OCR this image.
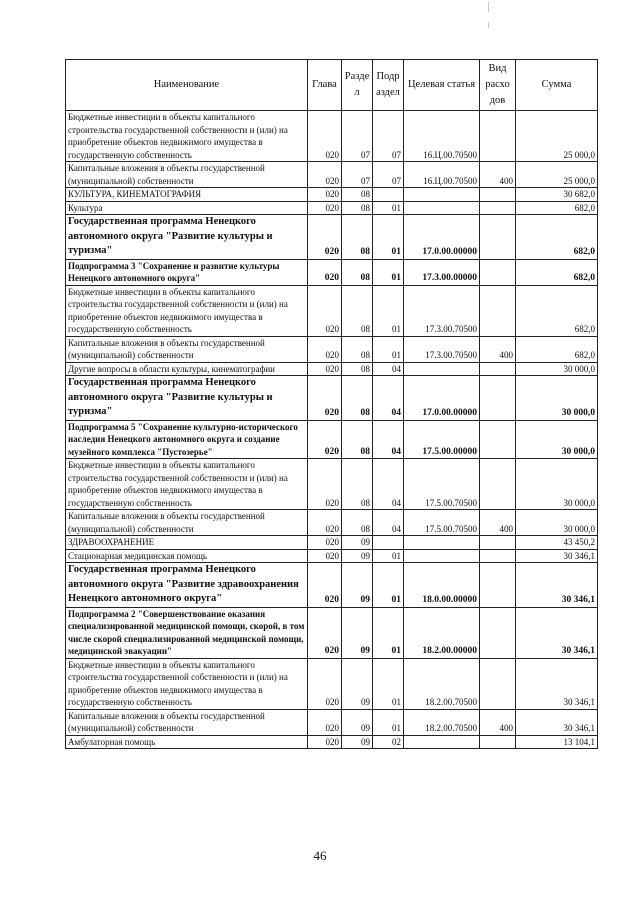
Наименование	Глава	Разде л	Подр аздел	Целевая статья	Вид расхо дов	Сумма
Бюджетные инвестиции в объекты капитального строительства государственной собственности и (или) на приобретение объектов недвижимого имущества в государственную собственность	020	07	07	16.Ц.00.70500		25 000,0
Капитальные вложения в объекты государственной (муниципальной) собственности	020	07	07	16.Ц.00.70500	400	25 000,0
КУЛЬТУРА, КИНЕМАТОГРАФИЯ	020	08				30 682,0
Культура	020	08	01			682,0
Государственная программа Ненецкого автономного округа "Развитие культуры и туризма"	020	08	01	17.0.00.00000		682,0
Подпрограмма 3 "Сохранение и развитие культуры Ненецкого автономного округа"	020	08	01	17.3.00.00000		682,0
Бюджетные инвестиции в объекты капитального строительства государственной собственности и (или) на приобретение объектов недвижимого имущества в государственную собственность	020	08	01	17.3.00.70500		682,0
Капитальные вложения в объекты государственной (муниципальной) собственности	020	08	01	17.3.00.70500	400	682,0
Другие вопросы в области культуры, кинематографии	020	08	04			30 000,0
Государственная программа Ненецкого автономного округа "Развитие культуры и туризма"	020	08	04	17.0.00.00000		30 000,0
Подпрограмма 5 "Сохранение культурно-исторического наследия Ненецкого автономного округа и создание музейного комплекса "Пустозерье"	020	08	04	17.5.00.00000		30 000,0
Бюджетные инвестиции в объекты капитального строительства государственной собственности и (или) на приобретение объектов недвижимого имущества в государственную собственность	020	08	04	17.5.00.70500		30 000,0
Капитальные вложения в объекты государственной (муниципальной) собственности	020	08	04	17.5.00.70500	400	30 000,0
ЗДРАВООХРАНЕНИЕ	020	09				43 450,2
Стационарная медицинская помощь	020	09	01			30 346,1
Государственная программа Ненецкого автономного округа "Развитие здравоохранения Ненецкого автономного округа"	020	09	01	18.0.00.00000		30 346,1
Подпрограмма 2 "Совершенствование оказания специализированной медицинской помощи, скорой, в том числе скорой специализированной медицинской помощи, медицинской эвакуации"	020	09	01	18.2.00.00000		30 346,1
Бюджетные инвестиции в объекты капитального строительства государственной собственности и (или) на приобретение объектов недвижимого имущества в государственную собственность	020	09	01	18.2.00.70500		30 346,1
Капитальные вложения в объекты государственной (муниципальной) собственности	020	09	01	18.2.00.70500	400	30 346,1
Амбулаторная помощь	020	09	02			13 104,1
46
